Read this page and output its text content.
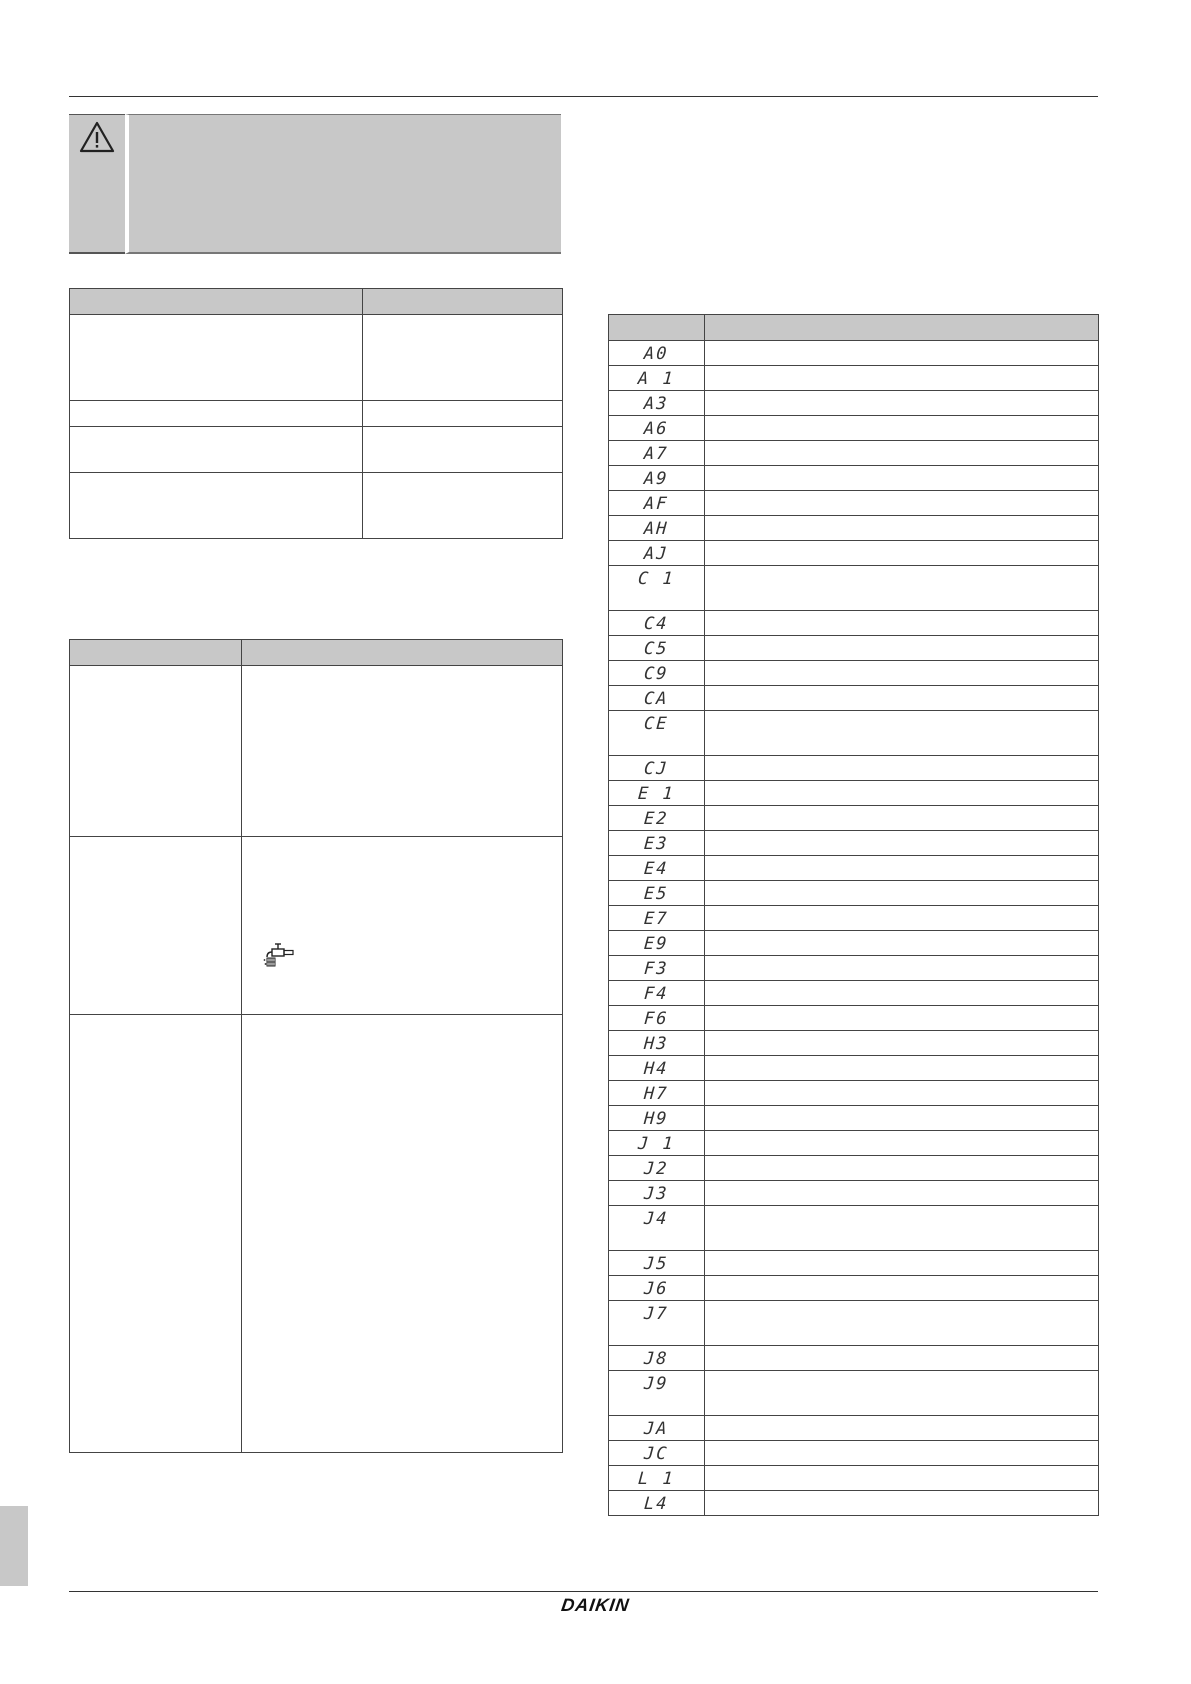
A0	
A 1	
A3	
A6	
A7	
A9	
AF	
AH	
AJ	
C 1	
C4	
C5	
C9	
CA	
CE	
CJ	
E 1	
E2	
E3	
E4	
E5	
E7	
E9	
F3	
F4	
F6	
H3	
H4	
H7	
H9	
J 1	
J2	
J3	
J4	
J5	
J6	
J7	
J8	
J9	
JA	
JC	
L 1	
L4	
DAIKIN
